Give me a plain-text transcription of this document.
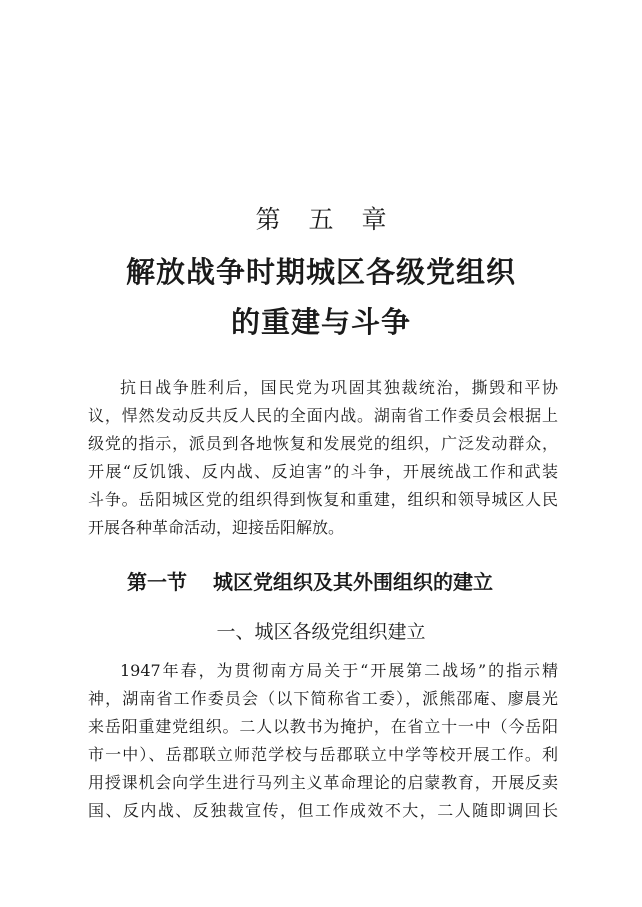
第 五 章
解放战争时期城区各级党组织
的重建与斗争
抗日战争胜利后，国民党为巩固其独裁统治，撕毁和平协
议，悍然发动反共反人民的全面内战。湖南省工作委员会根据上
级党的指示，派员到各地恢复和发展党的组织，广泛发动群众，
开展“反饥饿、反内战、反迫害”的斗争，开展统战工作和武装
斗争。岳阳城区党的组织得到恢复和重建，组织和领导城区人民
开展各种革命活动，迎接岳阳解放。
第一节 城区党组织及其外围组织的建立
一、城区各级党组织建立
1947年春，为贯彻南方局关于“开展第二战场”的指示精
神，湖南省工作委员会（以下简称省工委），派熊邵庵、廖晨光
来岳阳重建党组织。二人以教书为掩护，在省立十一中（今岳阳
市一中）、岳郡联立师范学校与岳郡联立中学等校开展工作。利
用授课机会向学生进行马列主义革命理论的启蒙教育，开展反卖
国、反内战、反独裁宣传，但工作成效不大，二人随即调回长
